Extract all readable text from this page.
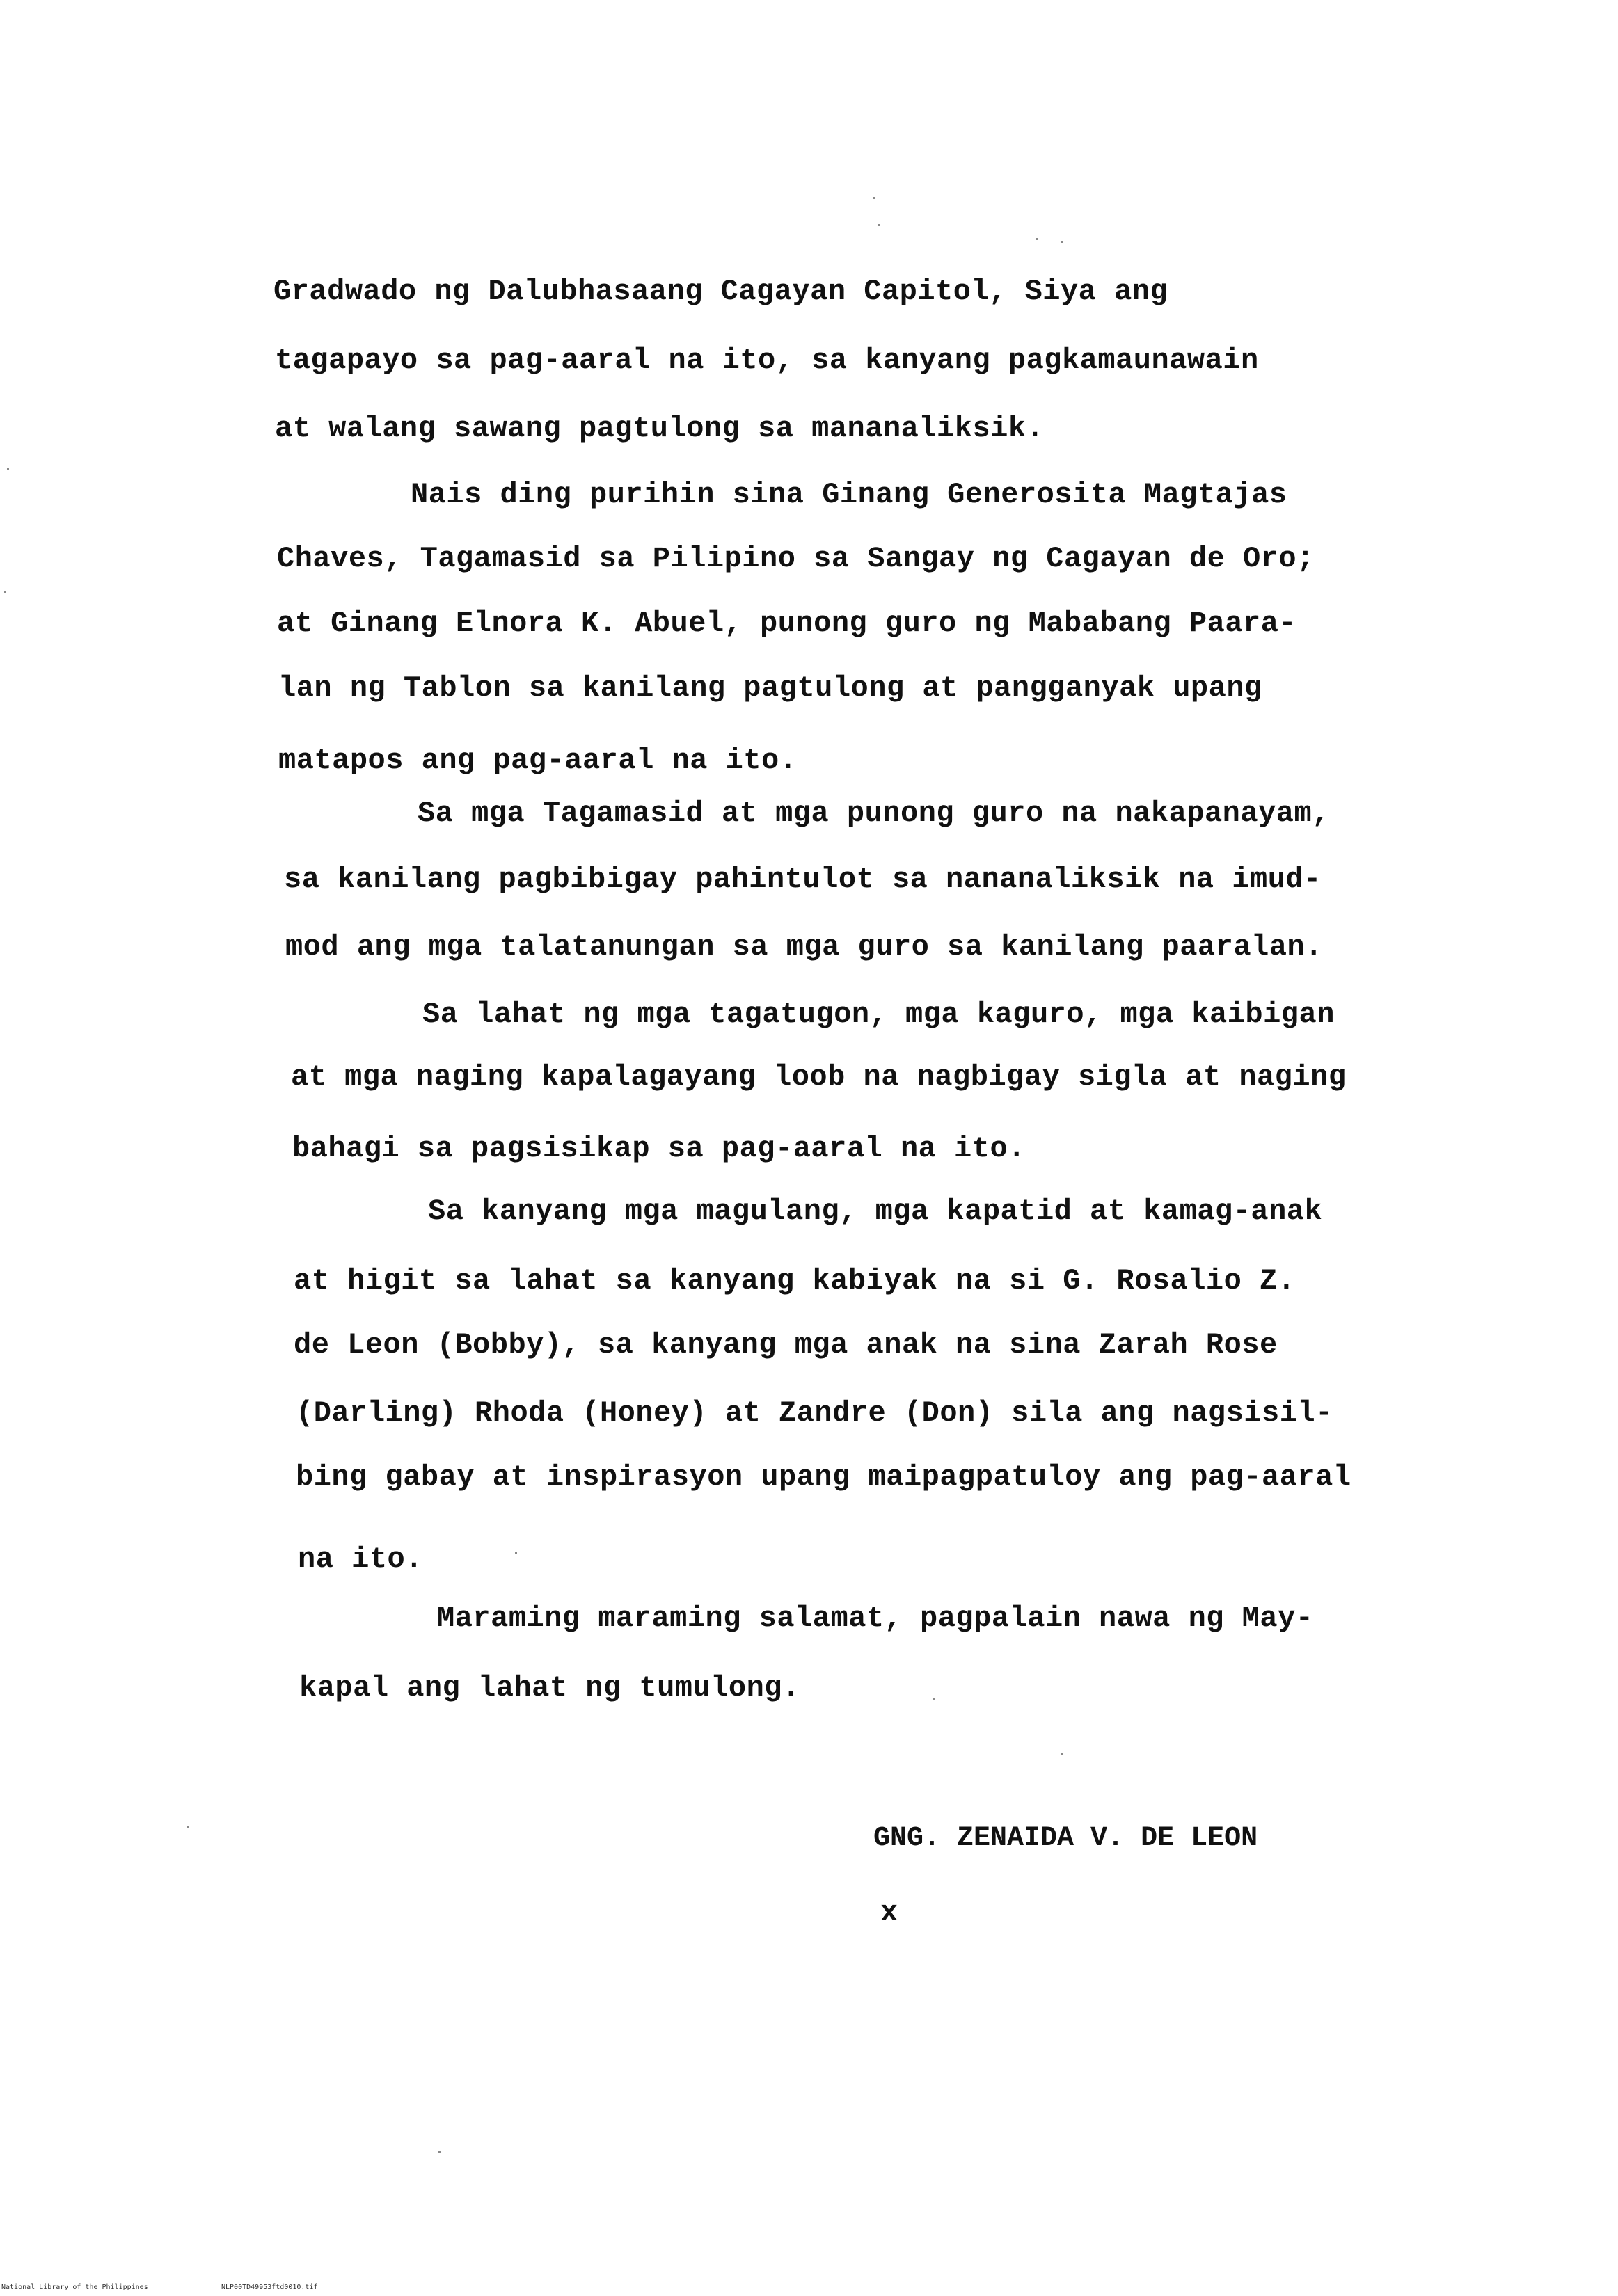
Gradwado ng Dalubhasaang Cagayan Capitol, Siya ang
tagapayo sa pag-aaral na ito, sa kanyang pagkamaunawain
at walang sawang pagtulong sa mananaliksik.
Nais ding purihin sina Ginang Generosita Magtajas
Chaves, Tagamasid sa Pilipino sa Sangay ng Cagayan de Oro;
at Ginang Elnora K. Abuel, punong guro ng Mababang Paara-
lan ng Tablon sa kanilang pagtulong at pangganyak upang
matapos ang pag-aaral na ito.
Sa mga Tagamasid at mga punong guro na nakapanayam,
sa kanilang pagbibigay pahintulot sa nananaliksik na imud-
mod ang mga talatanungan sa mga guro sa kanilang paaralan.
Sa lahat ng mga tagatugon, mga kaguro, mga kaibigan
at mga naging kapalagayang loob na nagbigay sigla at naging
bahagi sa pagsisikap sa pag-aaral na ito.
Sa kanyang mga magulang, mga kapatid at kamag-anak
at higit sa lahat sa kanyang kabiyak na si G. Rosalio Z.
de Leon (Bobby), sa kanyang mga anak na sina Zarah Rose
(Darling) Rhoda (Honey) at Zandre (Don) sila ang nagsisil-
bing gabay at inspirasyon upang maipagpatuloy ang pag-aaral
na ito.
Maraming maraming salamat, pagpalain nawa ng May-
kapal ang lahat ng tumulong.
GNG. ZENAIDA V. DE LEON
x
National Library of the Philippines	NLP00TD49953ftd0010.tif
